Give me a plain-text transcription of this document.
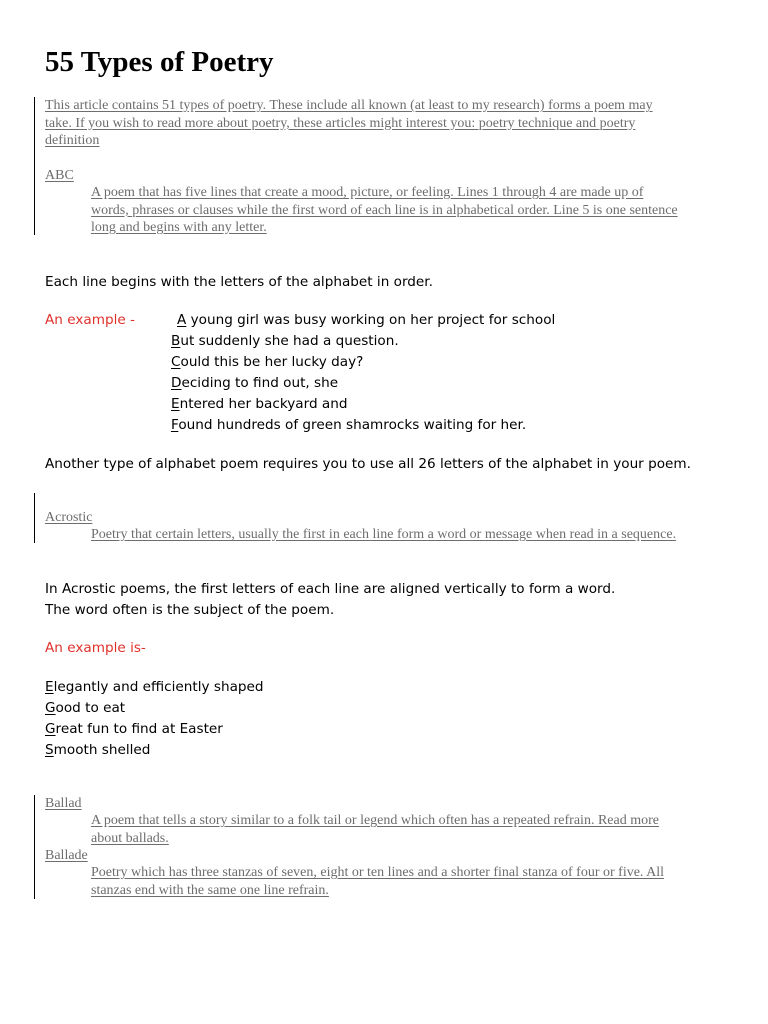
55 Types of Poetry
This article contains 51 types of poetry. These include all known (at least to my research) forms a poem may
take. If you wish to read more about poetry, these articles might interest you: poetry technique and poetry
definition
ABC
A poem that has five lines that create a mood, picture, or feeling. Lines 1 through 4 are made up of
words, phrases or clauses while the first word of each line is in alphabetical order. Line 5 is one sentence
long and begins with any letter.
Each line begins with the letters of the alphabet in order.
An example -	A young girl was busy working on her project for school
But suddenly she had a question.
Could this be her lucky day?
Deciding to find out, she
Entered her backyard and
Found hundreds of green shamrocks waiting for her.
Another type of alphabet poem requires you to use all 26 letters of the alphabet in your poem.
Acrostic
Poetry that certain letters, usually the first in each line form a word or message when read in a sequence.
In Acrostic poems, the first letters of each line are aligned vertically to form a word.
The word often is the subject of the poem.
An example is-
Elegantly and efficiently shaped
Good to eat
Great fun to find at Easter
Smooth shelled
Ballad
A poem that tells a story similar to a folk tail or legend which often has a repeated refrain. Read more
about ballads.
Ballade
Poetry which has three stanzas of seven, eight or ten lines and a shorter final stanza of four or five. All
stanzas end with the same one line refrain.
